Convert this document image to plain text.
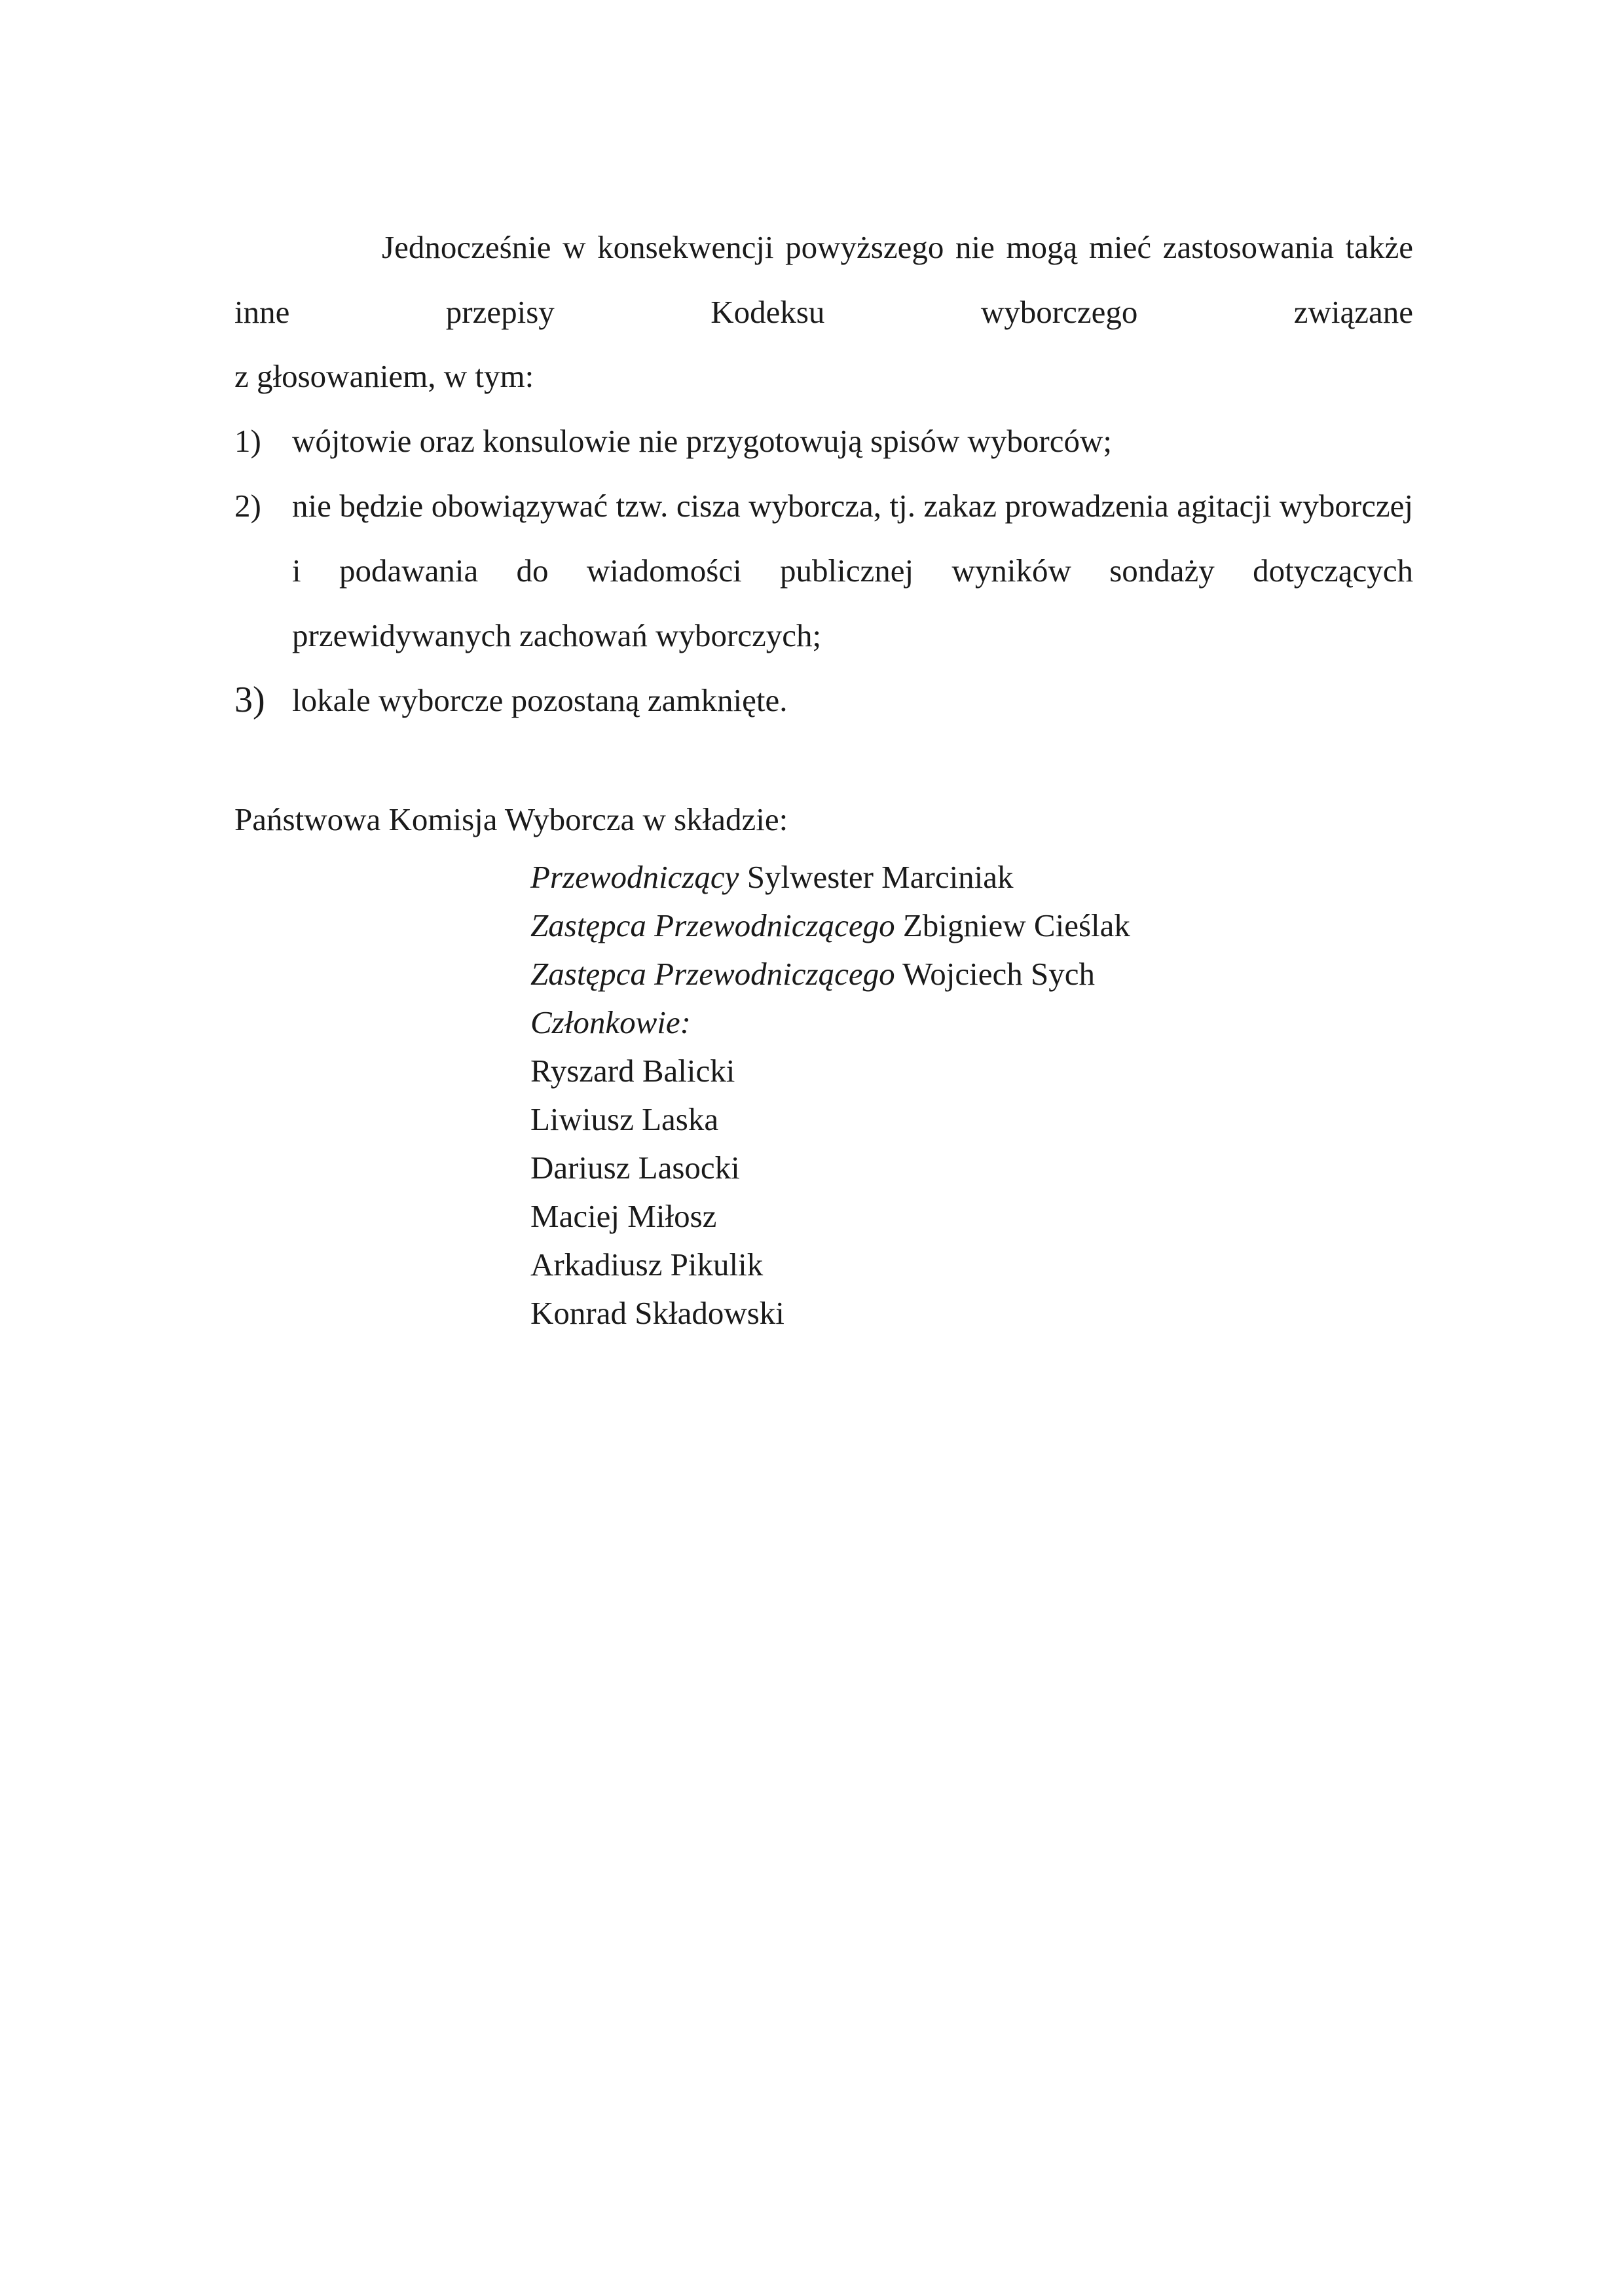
Jednocześnie w konsekwencji powyższego nie mogą mieć zastosowania także inne przepisy Kodeksu wyborczego związane
z głosowaniem, w tym:
1) wójtowie oraz konsulowie nie przygotowują spisów wyborców;
2) nie będzie obowiązywać tzw. cisza wyborcza, tj. zakaz prowadzenia agitacji wyborczej i podawania do wiadomości publicznej wyników sondaży dotyczących przewidywanych zachowań wyborczych;
3) lokale wyborcze pozostaną zamknięte.
Państwowa Komisja Wyborcza w składzie:
Przewodniczący Sylwester Marciniak
Zastępca Przewodniczącego Zbigniew Cieślak
Zastępca Przewodniczącego Wojciech Sych
Członkowie:
Ryszard Balicki
Liwiusz Laska
Dariusz Lasocki
Maciej Miłosz
Arkadiusz Pikulik
Konrad Składowski
